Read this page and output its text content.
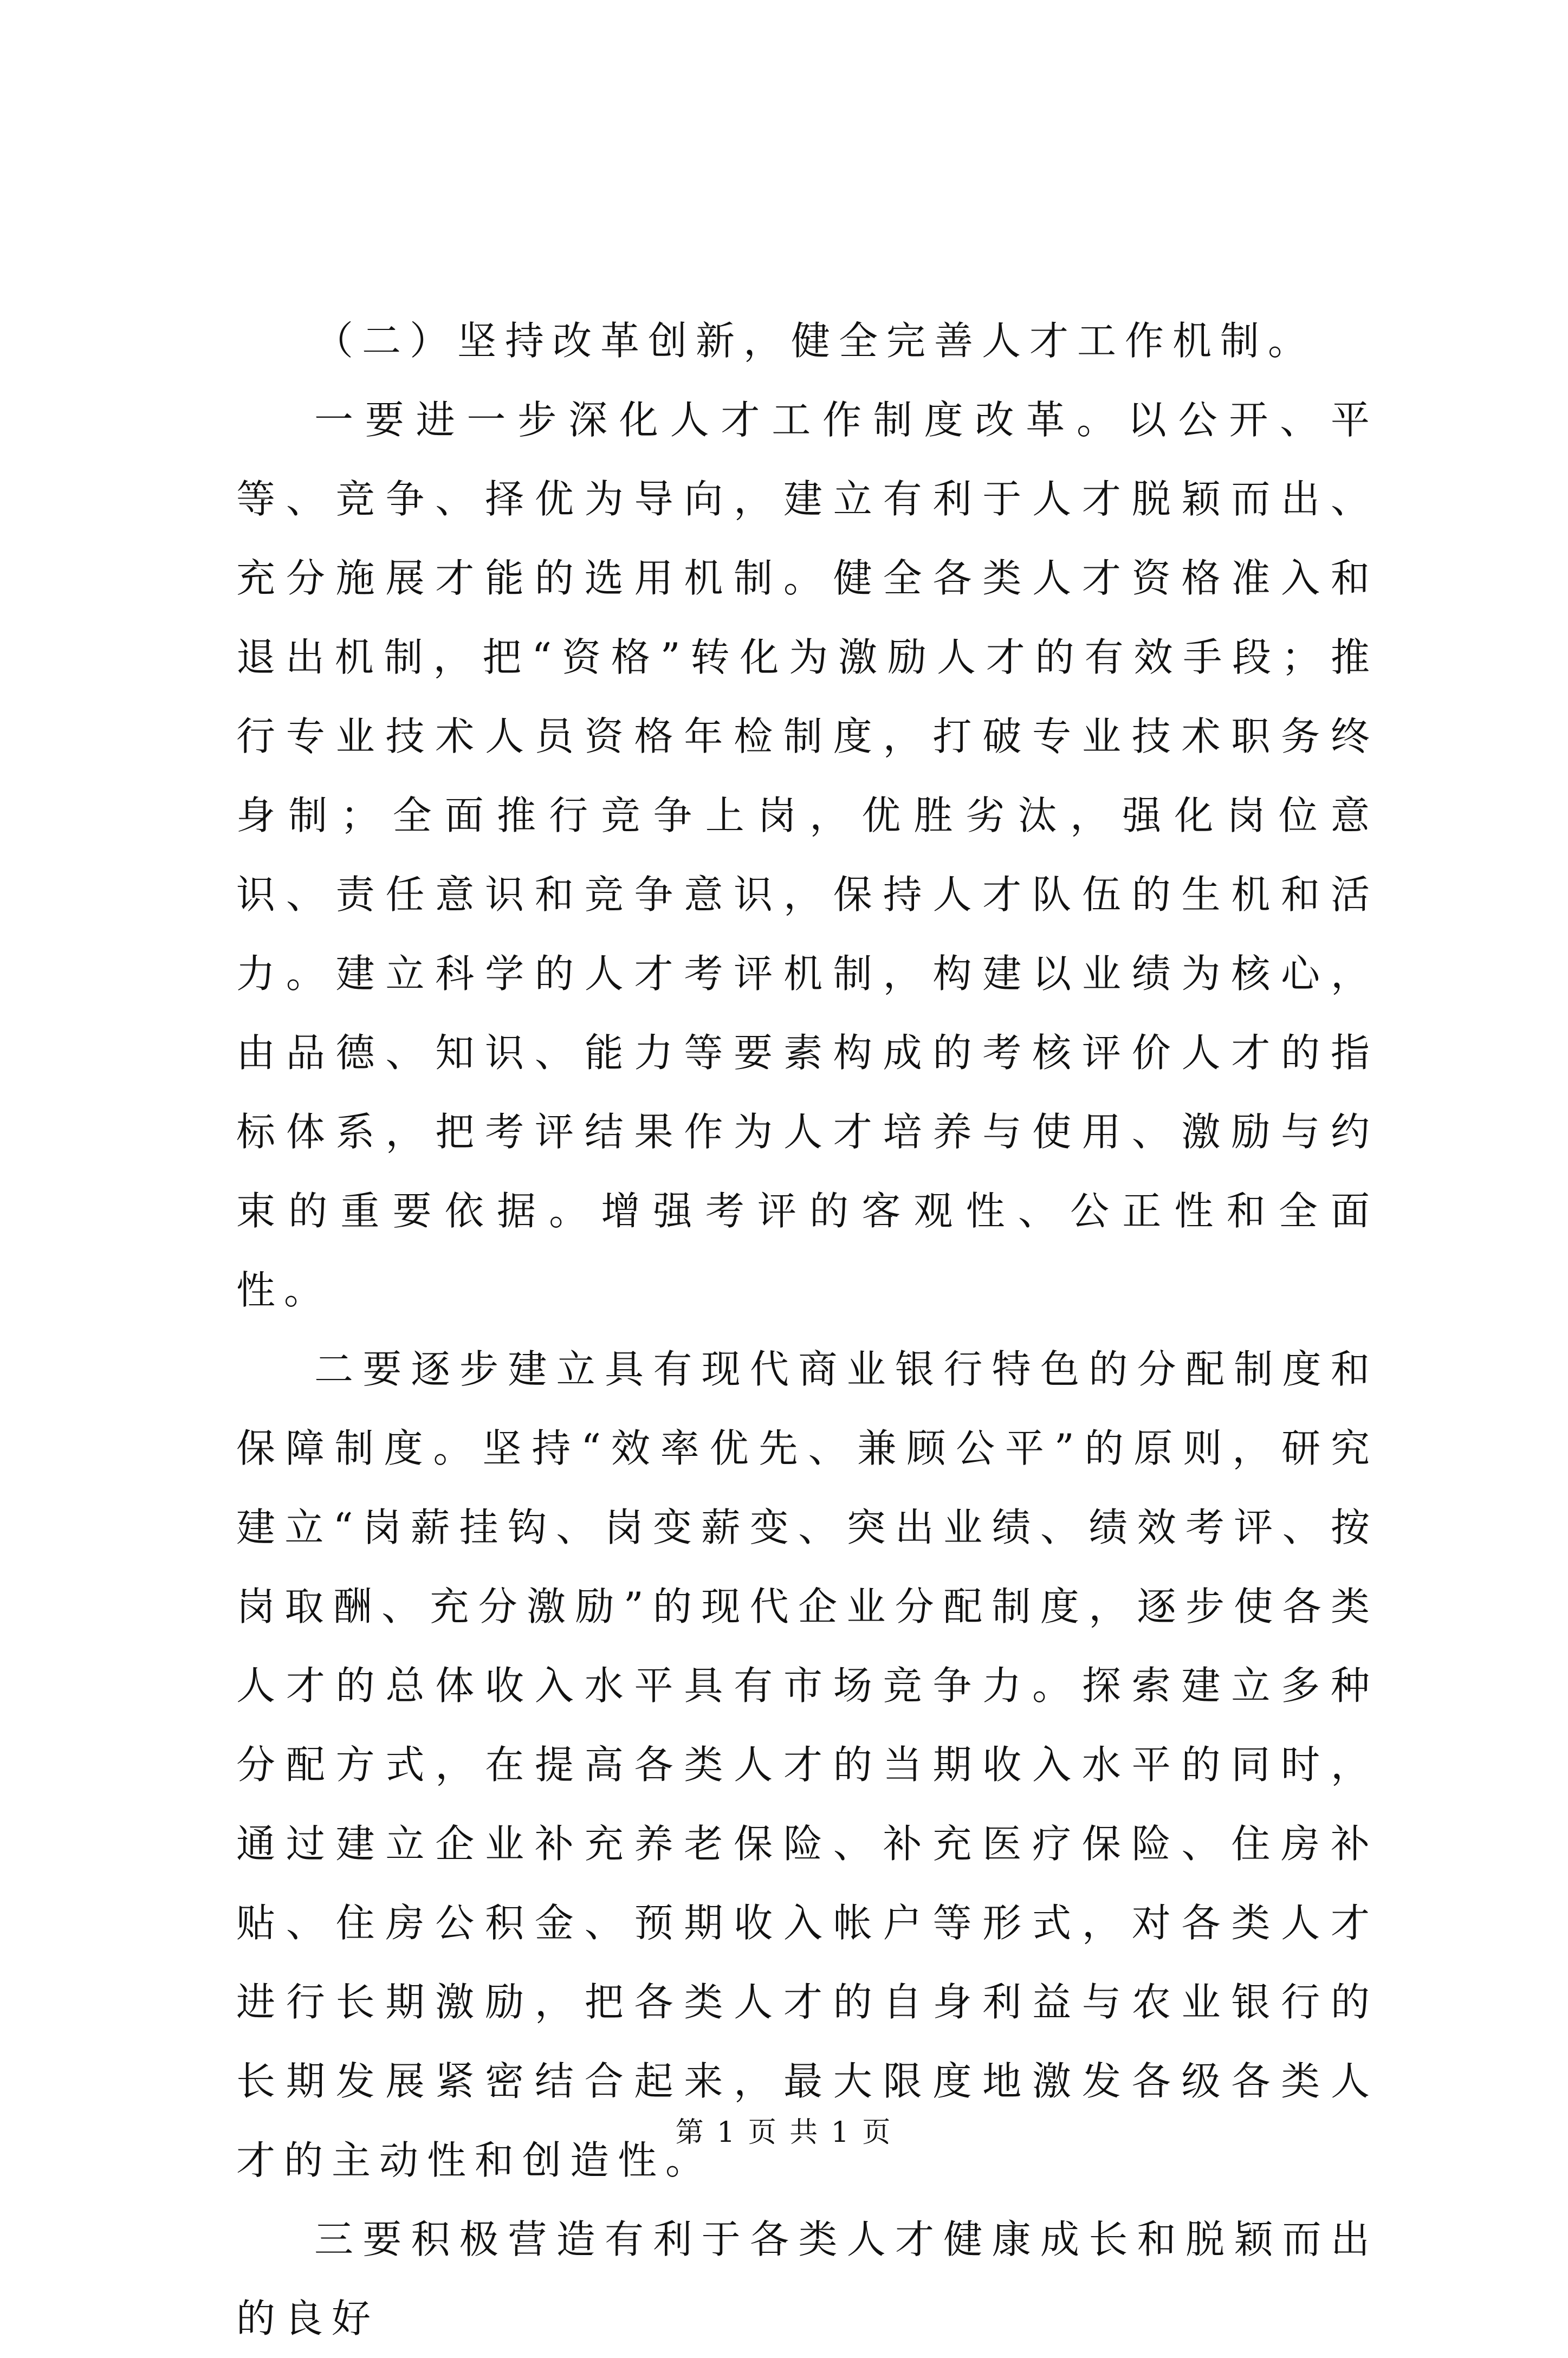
（二）坚持改革创新，健全完善人才工作机制。

一要进一步深化人才工作制度改革。以公开、平等、竞争、择优为导向，建立有利于人才脱颖而出、充分施展才能的选用机制。健全各类人才资格准入和退出机制，把“资格”转化为激励人才的有效手段；推行专业技术人员资格年检制度，打破专业技术职务终身制；全面推行竞争上岗，优胜劣汰，强化岗位意识、责任意识和竞争意识，保持人才队伍的生机和活力。建立科学的人才考评机制，构建以业绩为核心，由品德、知识、能力等要素构成的考核评价人才的指标体系，把考评结果作为人才培养与使用、激励与约束的重要依据。增强考评的客观性、公正性和全面性。

二要逐步建立具有现代商业银行特色的分配制度和保障制度。坚持“效率优先、兼顾公平”的原则，研究建立“岗薪挂钩、岗变薪变、突出业绩、绩效考评、按岗取酬、充分激励”的现代企业分配制度，逐步使各类人才的总体收入水平具有市场竞争力。探索建立多种分配方式，在提高各类人才的当期收入水平的同时，通过建立企业补充养老保险、补充医疗保险、住房补贴、住房公积金、预期收入帐户等形式，对各类人才进行长期激励，把各类人才的自身利益与农业银行的长期发展紧密结合起来，最大限度地激发各级各类人才的主动性和创造性。

三要积极营造有利于各类人才健康成长和脱颖而出的良好

第 1 页 共 1 页
